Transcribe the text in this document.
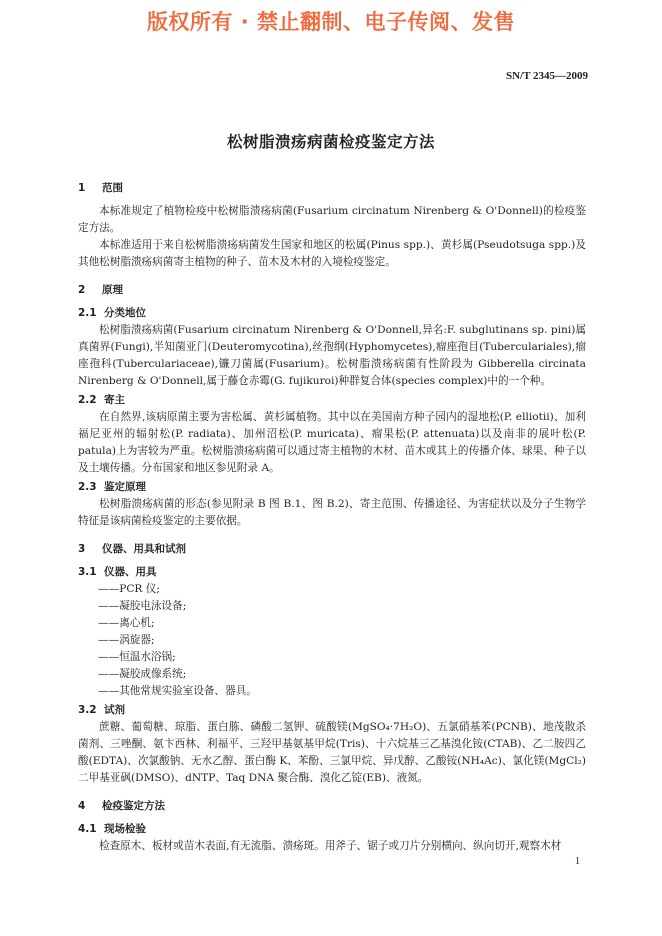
版权所有 · 禁止翻制、电子传阅、发售
SN/T 2345—2009
松树脂溃疡病菌检疫鉴定方法
1 范围
本标准规定了植物检疫中松树脂溃疡病菌(Fusarium circinatum Nirenberg & O'Donnell)的检疫鉴定方法。
本标准适用于来自松树脂溃疡病菌发生国家和地区的松属(Pinus spp.)、黄杉属(Pseudotsuga spp.)及其他松树脂溃疡病菌寄主植物的种子、苗木及木材的入境检疫鉴定。
2 原理
2.1 分类地位
松树脂溃疡病菌(Fusarium circinatum Nirenberg & O'Donnell,异名:F. subglutinans sp. pini)属真菌界(Fungi),半知菌亚门(Deuteromycotina),丝孢纲(Hyphomycetes),瘤座孢目(Tuberculariales),瘤座孢科(Tuberculariaceae),镰刀菌属(Fusarium)。松树脂溃疡病菌有性阶段为 Gibberella circinata Nirenberg & O'Donnell,属于藤仓赤霉(G. fujikuroi)种群复合体(species complex)中的一个种。
2.2 寄主
在自然界,该病原菌主要为害松属、黄杉属植物。其中以在美国南方种子园内的湿地松(P. elliotii)、加利福尼亚州的辐射松(P. radiata)、加州沼松(P. muricata)、瘤果松(P. attenuata)以及南非的展叶松(P. patula)上为害较为严重。松树脂溃疡病菌可以通过寄主植物的木材、苗木或其上的传播介体、球果、种子以及土壤传播。分布国家和地区参见附录 A。
2.3 鉴定原理
松树脂溃疡病菌的形态(参见附录 B 图 B.1、图 B.2)、寄主范围、传播途径、为害症状以及分子生物学特征是该病菌检疫鉴定的主要依据。
3 仪器、用具和试剂
3.1 仪器、用具
——PCR 仪;
——凝胶电泳设备;
——离心机;
——涡旋器;
——恒温水浴锅;
——凝胶成像系统;
——其他常规实验室设备、器具。
3.2 试剂
蔗糖、葡萄糖、琼脂、蛋白胨、磷酸二氢钾、硫酸镁(MgSO₄·7H₂O)、五氯硝基苯(PCNB)、地茂散杀菌剂、三唑酮、氨卞西林、利福平、三羟甲基氨基甲烷(Tris)、十六烷基三乙基溴化铵(CTAB)、乙二胺四乙酸(EDTA)、次氯酸钠、无水乙醇、蛋白酶 K、苯酚、三氯甲烷、异戊醇、乙酸铵(NH₄Ac)、氯化镁(MgCl₂)二甲基亚砜(DMSO)、dNTP、Taq DNA 聚合酶、溴化乙锭(EB)、液氮。
4 检疫鉴定方法
4.1 现场检验
检查原木、板材或苗木表面,有无流脂、溃疡斑。用斧子、锯子或刀片分别横向、纵向切开,观察木材
1
